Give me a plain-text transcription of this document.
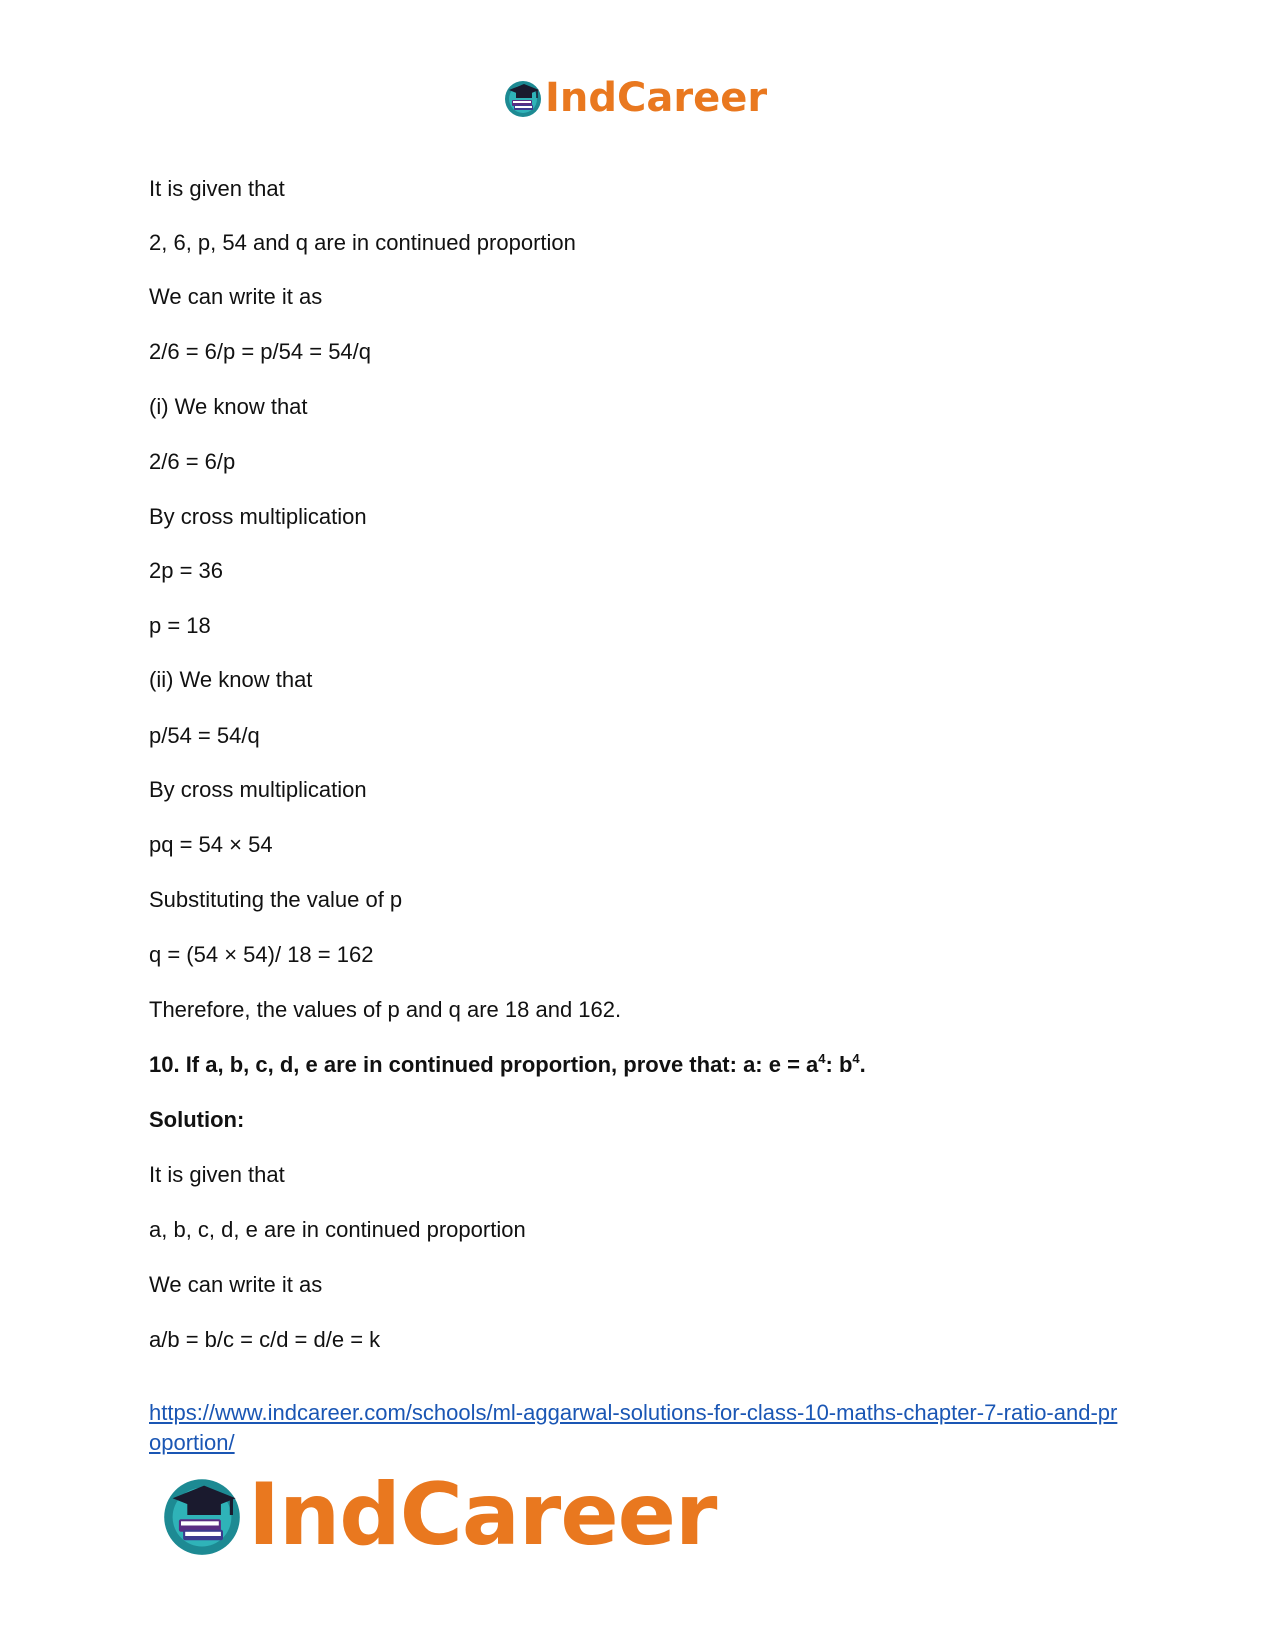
IndCareer
It is given that
2, 6, p, 54 and q are in continued proportion
We can write it as
2/6 = 6/p = p/54 = 54/q
(i) We know that
2/6 = 6/p
By cross multiplication
2p = 36
p = 18
(ii) We know that
p/54 = 54/q
By cross multiplication
pq = 54 × 54
Substituting the value of p
q = (54 × 54)/ 18 = 162
Therefore, the values of p and q are 18 and 162.
10. If a, b, c, d, e are in continued proportion, prove that: a: $e = a^4$: $b^4$.
Solution:
It is given that
a, b, c, d, e are in continued proportion
We can write it as
a/b = b/c = c/d = d/e = k
https://www.indcareer.com/schools/ml-aggarwal-solutions-for-class-10-maths-chapter-7-ratio-and-proportion/
IndCareer
